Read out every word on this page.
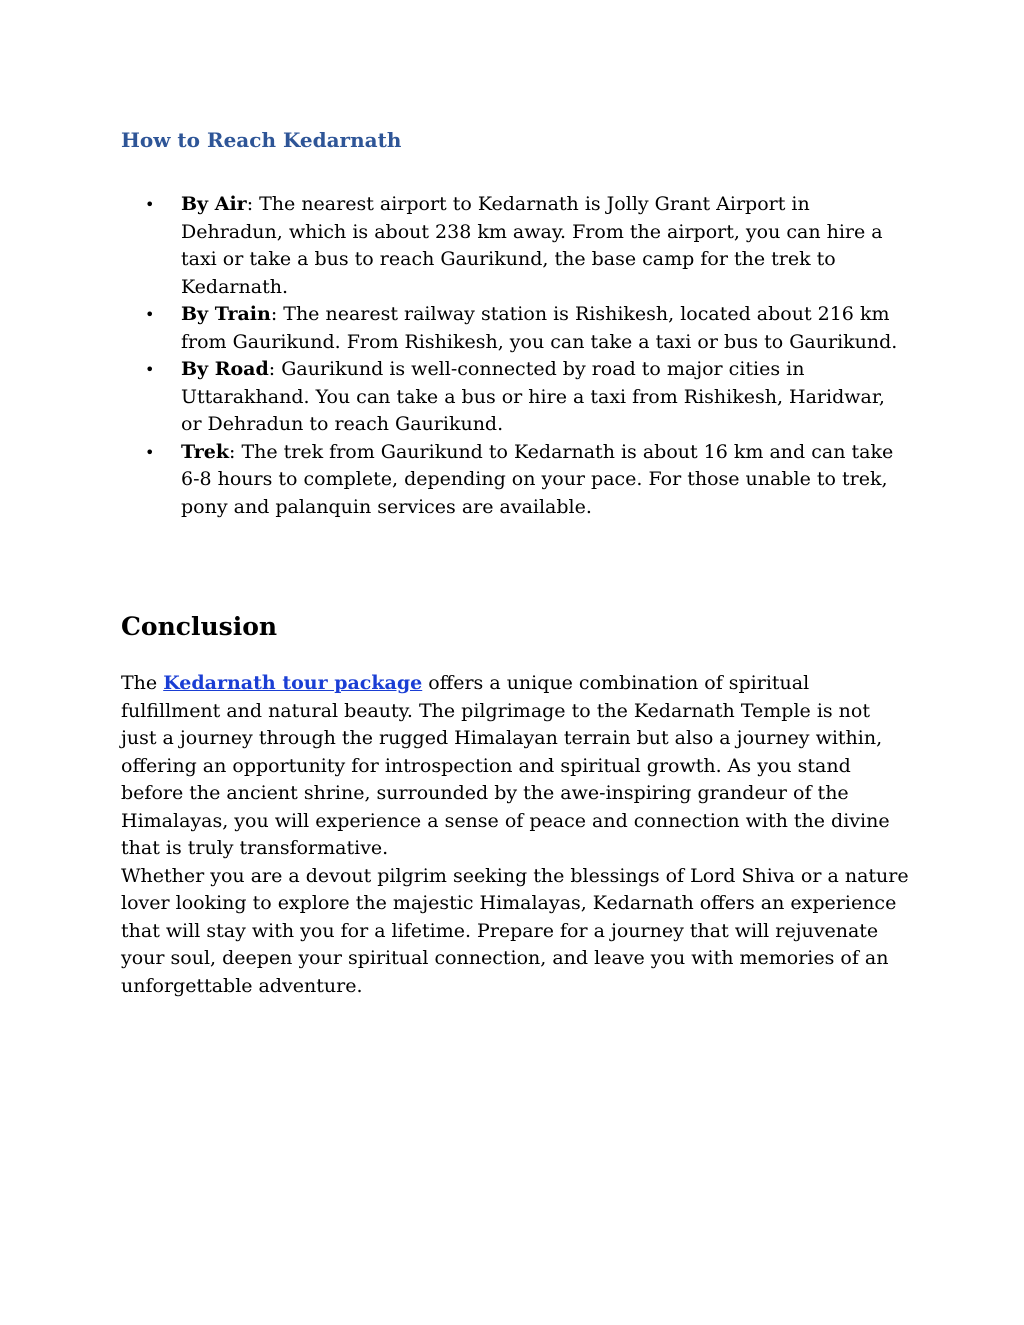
How to Reach Kedarnath
• By Air: The nearest airport to Kedarnath is Jolly Grant Airport in Dehradun, which is about 238 km away. From the airport, you can hire a taxi or take a bus to reach Gaurikund, the base camp for the trek to Kedarnath.
• By Train: The nearest railway station is Rishikesh, located about 216 km from Gaurikund. From Rishikesh, you can take a taxi or bus to Gaurikund.
• By Road: Gaurikund is well-connected by road to major cities in Uttarakhand. You can take a bus or hire a taxi from Rishikesh, Haridwar, or Dehradun to reach Gaurikund.
• Trek: The trek from Gaurikund to Kedarnath is about 16 km and can take 6-8 hours to complete, depending on your pace. For those unable to trek, pony and palanquin services are available.
Conclusion

The Kedarnath tour package offers a unique combination of spiritual fulfillment and natural beauty. The pilgrimage to the Kedarnath Temple is not just a journey through the rugged Himalayan terrain but also a journey within, offering an opportunity for introspection and spiritual growth. As you stand before the ancient shrine, surrounded by the awe-inspiring grandeur of the Himalayas, you will experience a sense of peace and connection with the divine that is truly transformative.

Whether you are a devout pilgrim seeking the blessings of Lord Shiva or a nature lover looking to explore the majestic Himalayas, Kedarnath offers an experience that will stay with you for a lifetime. Prepare for a journey that will rejuvenate your soul, deepen your spiritual connection, and leave you with memories of an unforgettable adventure.
